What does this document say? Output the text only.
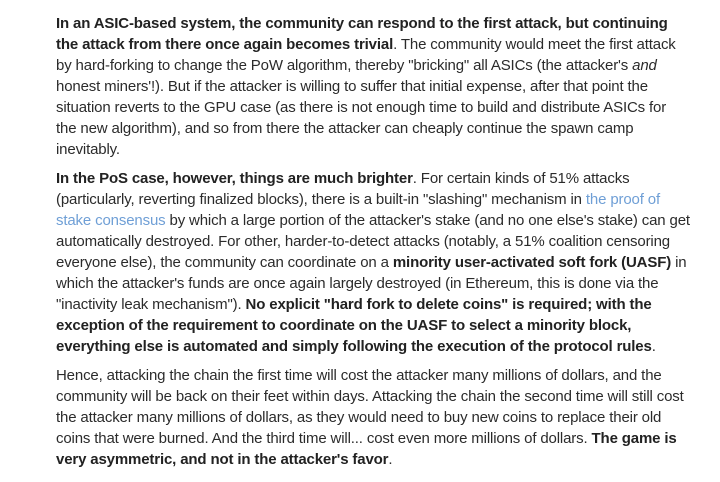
In an ASIC-based system, the community can respond to the first attack, but continuing the attack from there once again becomes trivial. The community would meet the first attack by hard-forking to change the PoW algorithm, thereby "bricking" all ASICs (the attacker's and honest miners'!). But if the attacker is willing to suffer that initial expense, after that point the situation reverts to the GPU case (as there is not enough time to build and distribute ASICs for the new algorithm), and so from there the attacker can cheaply continue the spawn camp inevitably.

In the PoS case, however, things are much brighter. For certain kinds of 51% attacks (particularly, reverting finalized blocks), there is a built-in "slashing" mechanism in the proof of stake consensus by which a large portion of the attacker's stake (and no one else's stake) can get automatically destroyed. For other, harder-to-detect attacks (notably, a 51% coalition censoring everyone else), the community can coordinate on a minority user-activated soft fork (UASF) in which the attacker's funds are once again largely destroyed (in Ethereum, this is done via the "inactivity leak mechanism"). No explicit "hard fork to delete coins" is required; with the exception of the requirement to coordinate on the UASF to select a minority block, everything else is automated and simply following the execution of the protocol rules.

Hence, attacking the chain the first time will cost the attacker many millions of dollars, and the community will be back on their feet within days. Attacking the chain the second time will still cost the attacker many millions of dollars, as they would need to buy new coins to replace their old coins that were burned. And the third time will... cost even more millions of dollars. The game is very asymmetric, and not in the attacker's favor.
